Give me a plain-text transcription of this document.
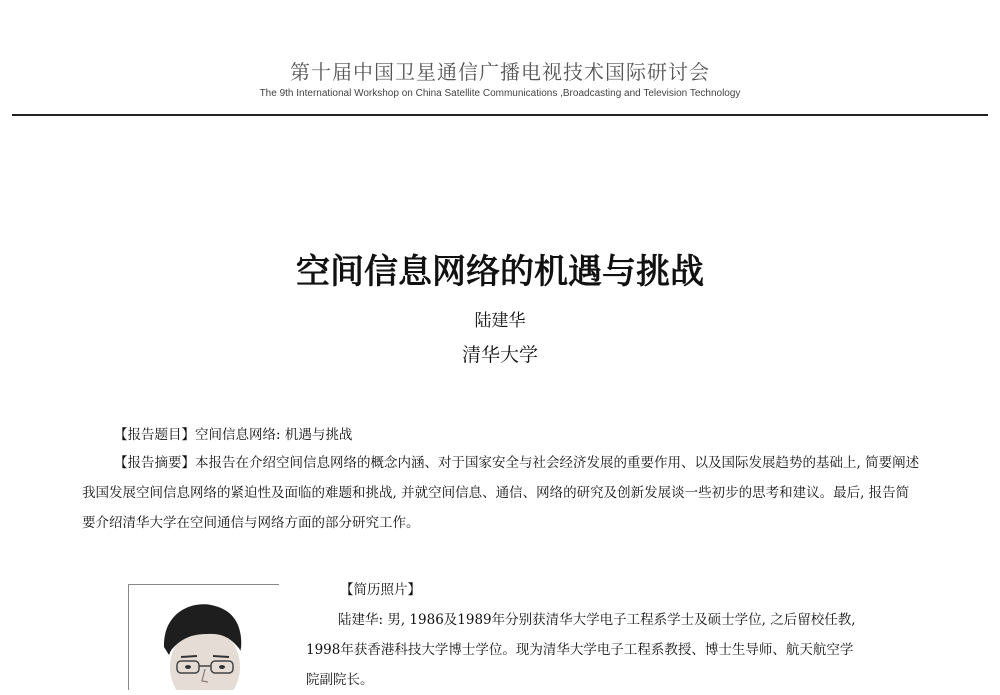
第十届中国卫星通信广播电视技术国际研讨会
The 9th International Workshop on China Satellite Communications ,Broadcasting and Television Technology
空间信息网络的机遇与挑战
陆建华
清华大学
【报告题目】空间信息网络: 机遇与挑战
【报告摘要】本报告在介绍空间信息网络的概念内涵、对于国家安全与社会经济发展的重要作用、以及国际发展趋势的基础上, 简要阐述我国发展空间信息网络的紧迫性及面临的难题和挑战, 并就空间信息、通信、网络的研究及创新发展谈一些初步的思考和建议。最后, 报告简要介绍清华大学在空间通信与网络方面的部分研究工作。
【简历照片】
陆建华: 男, 1986及1989年分别获清华大学电子工程系学士及硕士学位, 之后留校任教, 1998年获香港科技大学博士学位。现为清华大学电子工程系教授、博士生导师、航天航空学院副院长。
